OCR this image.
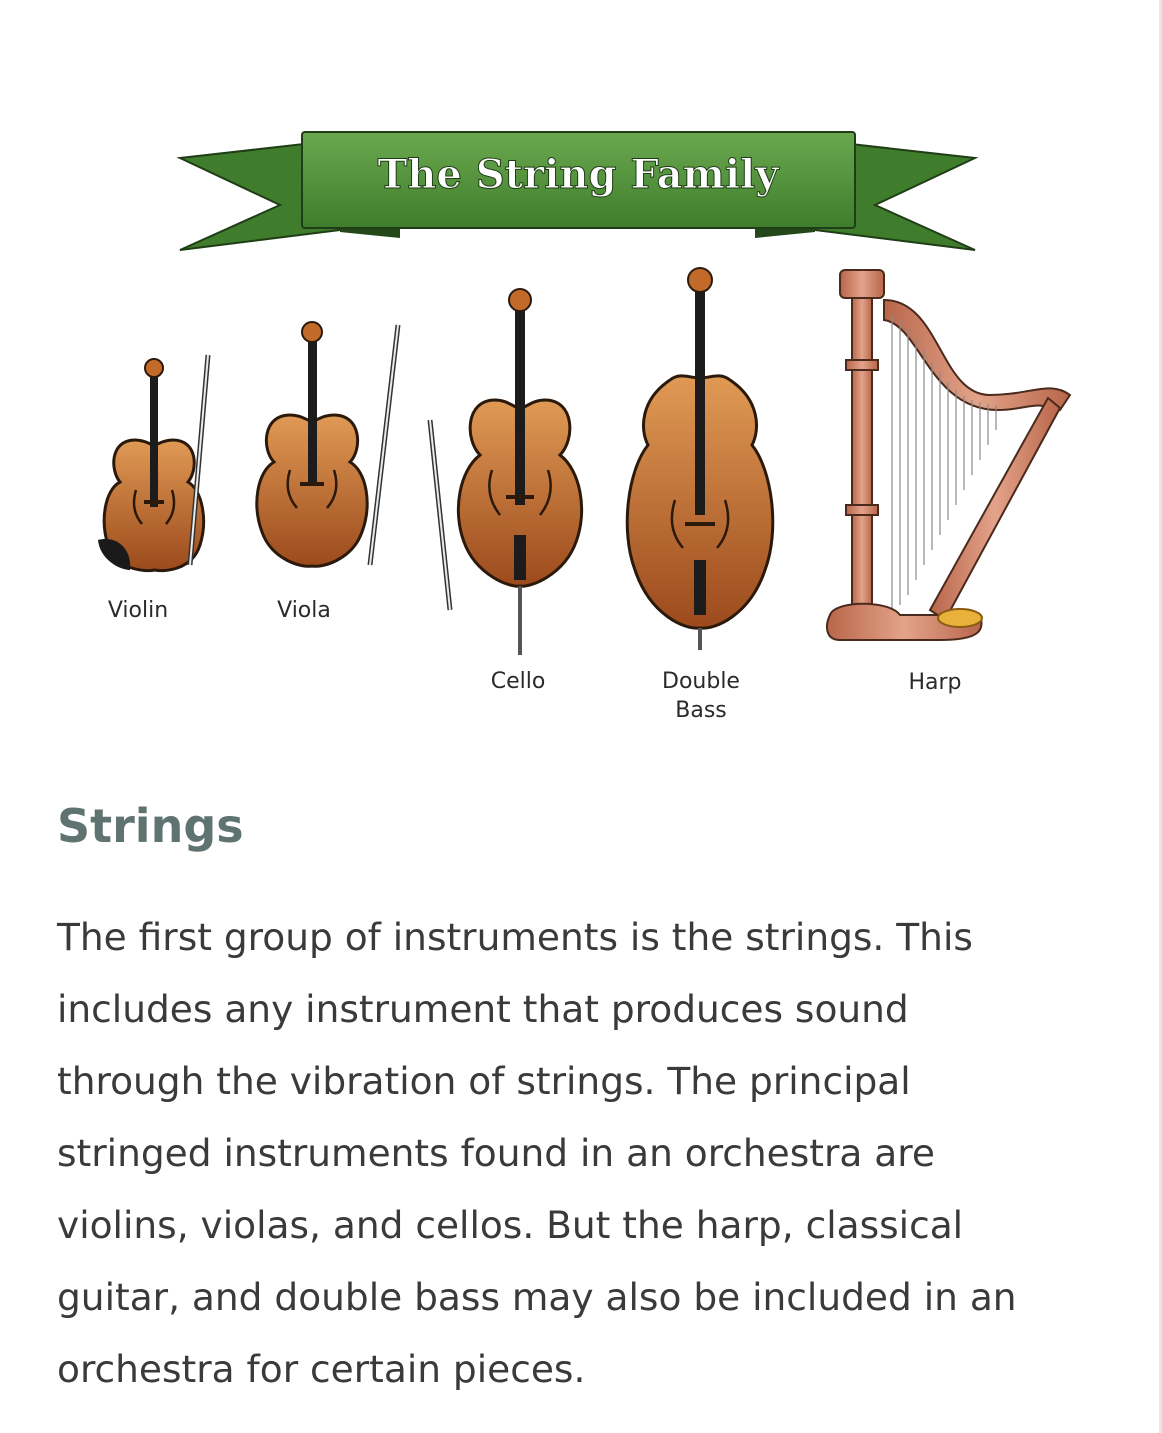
The String Family
Violin	Viola
Cello	Double
Bass
Harp
Strings

The first group of instruments is the strings. This
includes any instrument that produces sound
through the vibration of strings. The principal
stringed instruments found in an orchestra are
violins, violas, and cellos. But the harp, classical
guitar, and double bass may also be included in an
orchestra for certain pieces.
